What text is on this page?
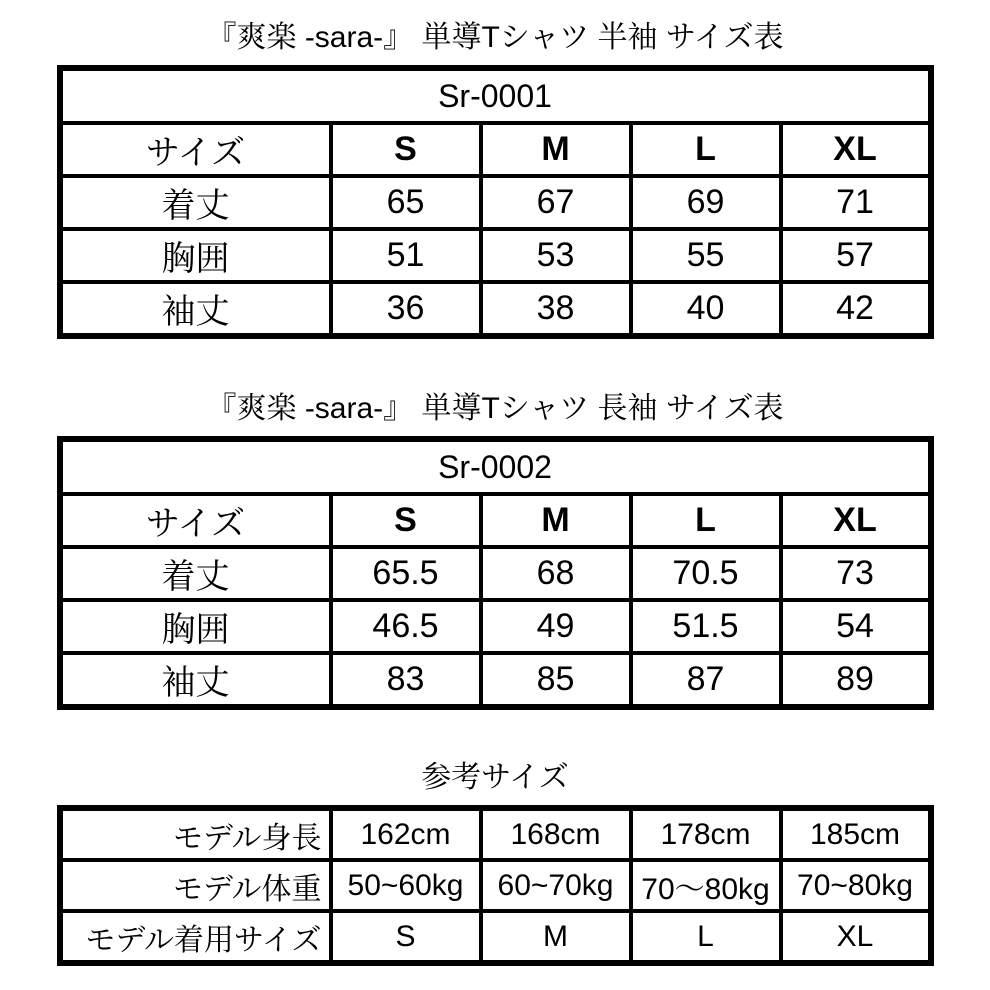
『爽楽 -sara-』 単導Tシャツ 半袖 サイズ表
Sr-0001				
サイズ	S	M	L	XL
着丈	65	67	69	71
胸囲	51	53	55	57
袖丈	36	38	40	42
『爽楽 -sara-』 単導Tシャツ 長袖 サイズ表
Sr-0002				
サイズ	S	M	L	XL
着丈	65.5	68	70.5	73
胸囲	46.5	49	51.5	54
袖丈	83	85	87	89
参考サイズ
モデル身長	162cm	168cm	178cm	185cm
モデル体重	50~60kg	60~70kg	70～80kg	70~80kg
モデル着用サイズ	S	M	L	XL
